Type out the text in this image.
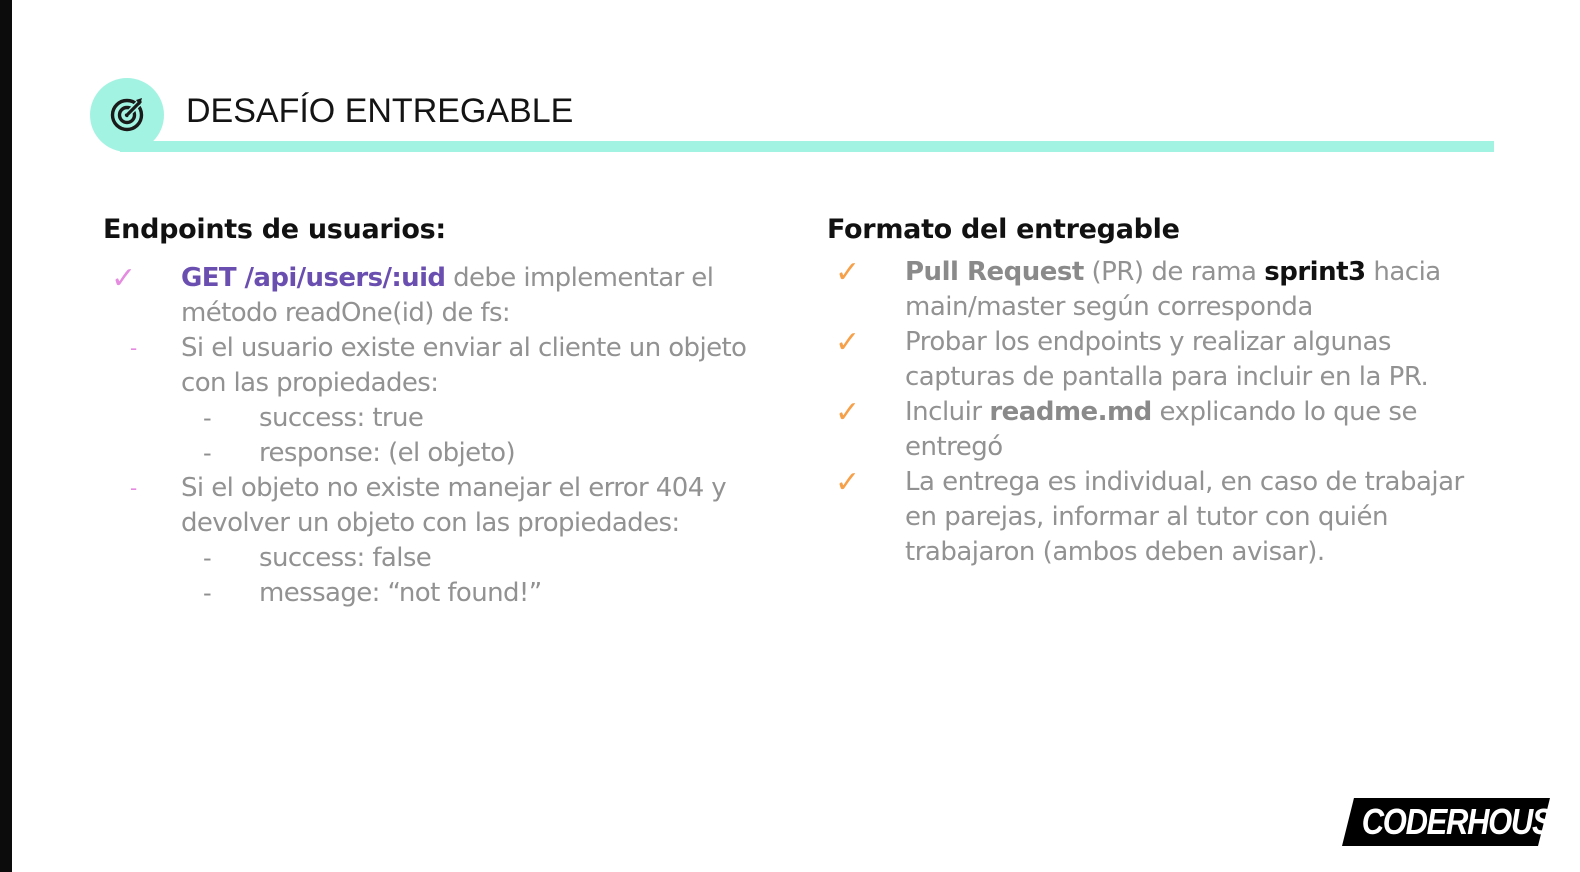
DESAFÍO ENTREGABLE
Endpoints de usuarios:
✓ GET /api/users/:uid debe implementar el método readOne(id) de fs:
- Si el usuario existe enviar al cliente un objeto con las propiedades:
- success: true
- response: (el objeto)
- Si el objeto no existe manejar el error 404 y devolver un objeto con las propiedades:
- success: false
- message: “not found!”
Formato del entregable
✓ Pull Request (PR) de rama sprint3 hacia main/master según corresponda
✓ Probar los endpoints y realizar algunas capturas de pantalla para incluir en la PR.
✓ Incluir readme.md explicando lo que se entregó
✓ La entrega es individual, en caso de trabajar en parejas, informar al tutor con quién trabajaron (ambos deben avisar).
CODERHOUSE
